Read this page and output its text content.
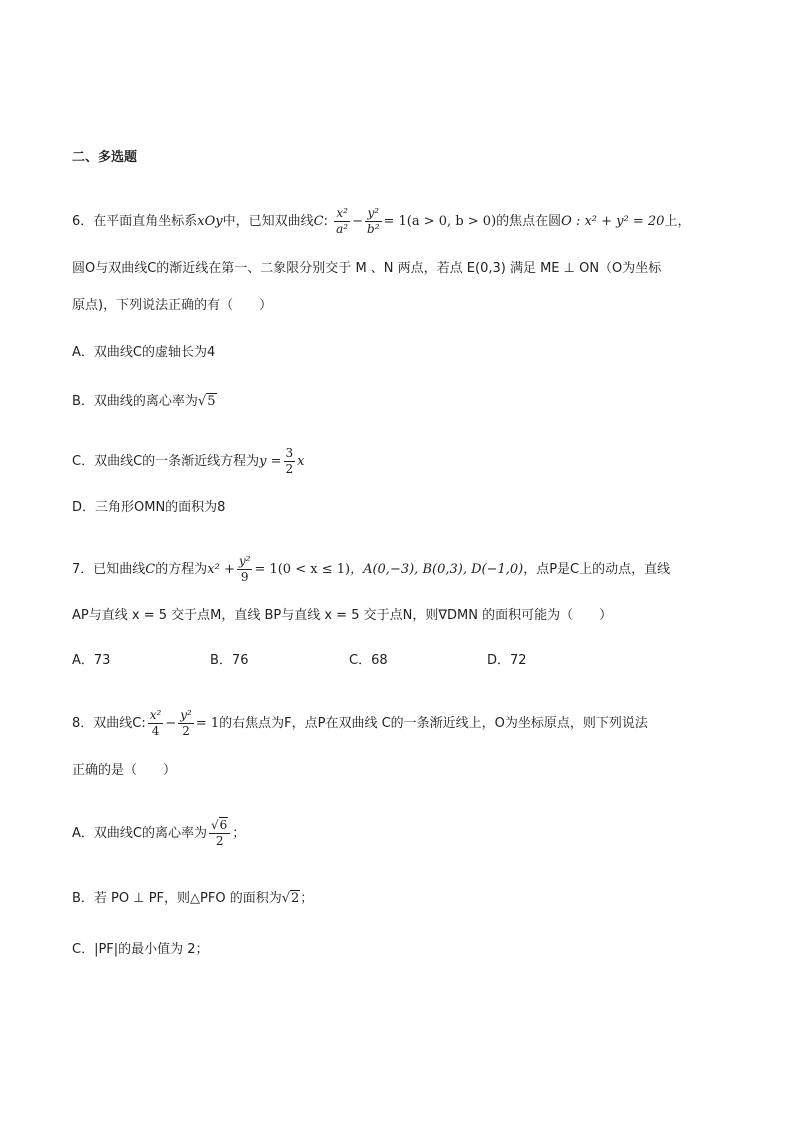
二、多选题
6．在平面直角坐标系xOy中，已知双曲线C: $\frac{\text{x²}}{\text{a²}} - \frac{\text{y²}}{\text{b²}} = 1(a > 0$, b > 0)的焦点在圆O : x² + y² = 20上，
圆O与双曲线C的渐近线在第一、二象限分别交于 M 、N 两点，若点 E(0,3) 满足 ME ⊥ ON（O为坐标
原点)，下列说法正确的有（　　）
A．双曲线C的虚轴长为4
B．双曲线的离心率为√5
C．双曲线C的一条渐近线方程为$y = \frac{3}{2}$ x
D．三角形OMN的面积为8
7．已知曲线C的方程为$x^2 + \frac{\text{y²}}{9} = 1(0 < x \le 1)$，A(0,−3), B(0,3), D(−1,0)，点P是C上的动点，直线
AP与直线 x = 5 交于点M，直线 BP与直线 x = 5 交于点N，则∇DMN 的面积可能为（　　）
A．73	B．76	C．68	D．72
8．双曲线C: $\frac{\text{x²}}{4} - \frac{\text{y²}}{2} = 1$的右焦点为F，点P在双曲线 C的一条渐近线上，O为坐标原点，则下列说法
正确的是（　　）
A．双曲线C的离心率为 $\frac{√6}{2}$ ；
B．若 PO ⊥ PF，则△PFO 的面积为√2；
C．|PF|的最小值为 2；
